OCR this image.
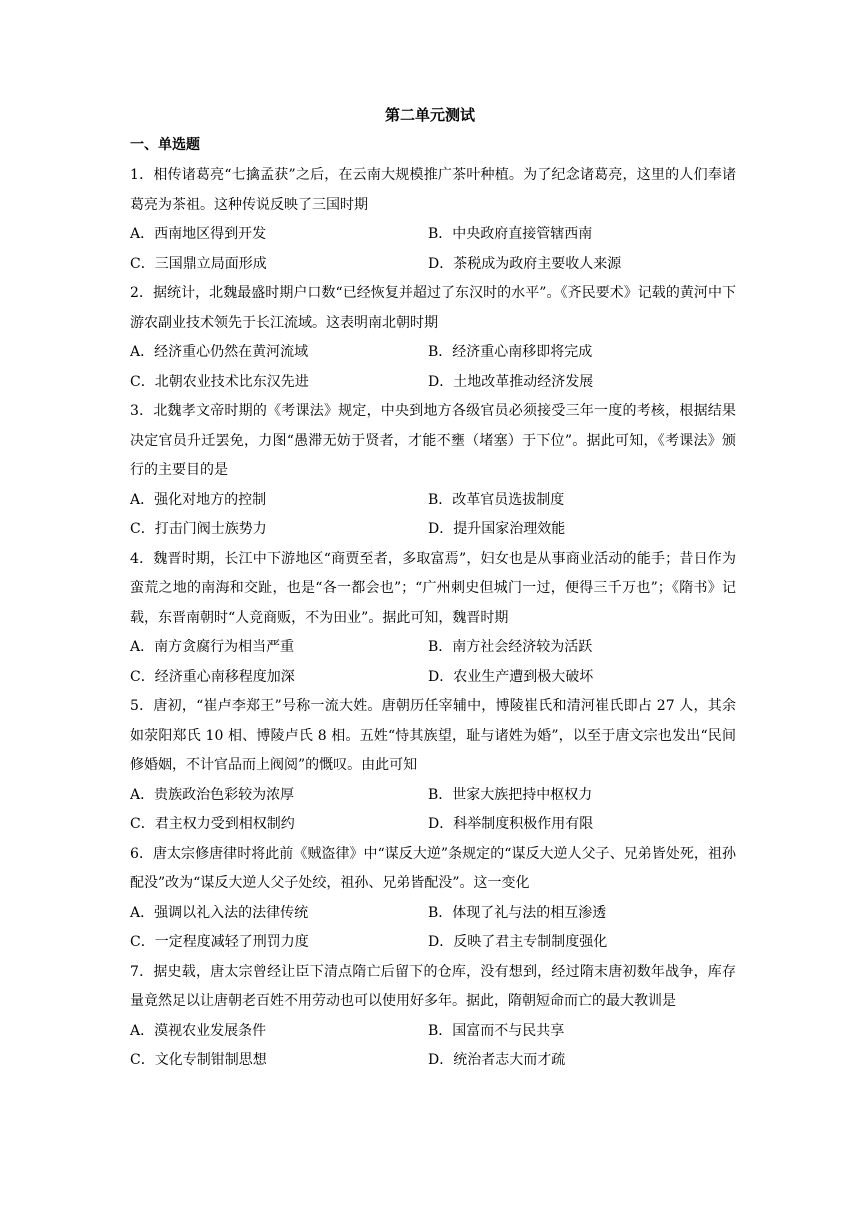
第二单元测试
一、单选题
1．相传诸葛亮“七擒孟获”之后，在云南大规模推广茶叶种植。为了纪念诸葛亮，这里的人们奉诸葛亮为茶祖。这种传说反映了三国时期
A．西南地区得到开发	B．中央政府直接管辖西南
C．三国鼎立局面形成	D．茶税成为政府主要收人来源
2．据统计，北魏最盛时期户口数“已经恢复并超过了东汉时的水平”。《齐民要术》记载的黄河中下游农副业技术领先于长江流域。这表明南北朝时期
A．经济重心仍然在黄河流域	B．经济重心南移即将完成
C．北朝农业技术比东汉先进	D．土地改革推动经济发展
3．北魏孝文帝时期的《考课法》规定，中央到地方各级官员必须接受三年一度的考核，根据结果决定官员升迁罢免，力图“愚滞无妨于贤者，才能不壅（堵塞）于下位”。据此可知，《考课法》颁行的主要目的是
A．强化对地方的控制	B．改革官员选拔制度
C．打击门阀士族势力	D．提升国家治理效能
4．魏晋时期，长江中下游地区“商贾至者，多取富焉”，妇女也是从事商业活动的能手；昔日作为蛮荒之地的南海和交趾，也是“各一都会也”；“广州刺史但城门一过，便得三千万也”；《隋书》记载，东晋南朝时“人竞商贩，不为田业”。据此可知，魏晋时期
A．南方贪腐行为相当严重	B．南方社会经济较为活跃
C．经济重心南移程度加深	D．农业生产遭到极大破坏
5．唐初，“崔卢李郑王”号称一流大姓。唐朝历任宰辅中，博陵崔氏和清河崔氏即占 27 人，其余如荥阳郑氏 10 相、博陵卢氏 8 相。五姓“恃其族望，耻与诸姓为婚”，以至于唐文宗也发出“民间修婚姻，不计官品而上阀阅”的慨叹。由此可知
A．贵族政治色彩较为浓厚	B．世家大族把持中枢权力
C．君主权力受到相权制约	D．科举制度积极作用有限
6．唐太宗修唐律时将此前《贼盗律》中“谋反大逆”条规定的“谋反大逆人父子、兄弟皆处死，祖孙配没”改为“谋反大逆人父子处绞，祖孙、兄弟皆配没”。这一变化
A．强调以礼入法的法律传统	B．体现了礼与法的相互渗透
C．一定程度减轻了刑罚力度	D．反映了君主专制制度强化
7．据史载，唐太宗曾经让臣下清点隋亡后留下的仓库，没有想到，经过隋末唐初数年战争，库存量竟然足以让唐朝老百姓不用劳动也可以使用好多年。据此，隋朝短命而亡的最大教训是
A．漠视农业发展条件	B．国富而不与民共享
C．文化专制钳制思想	D．统治者志大而才疏
